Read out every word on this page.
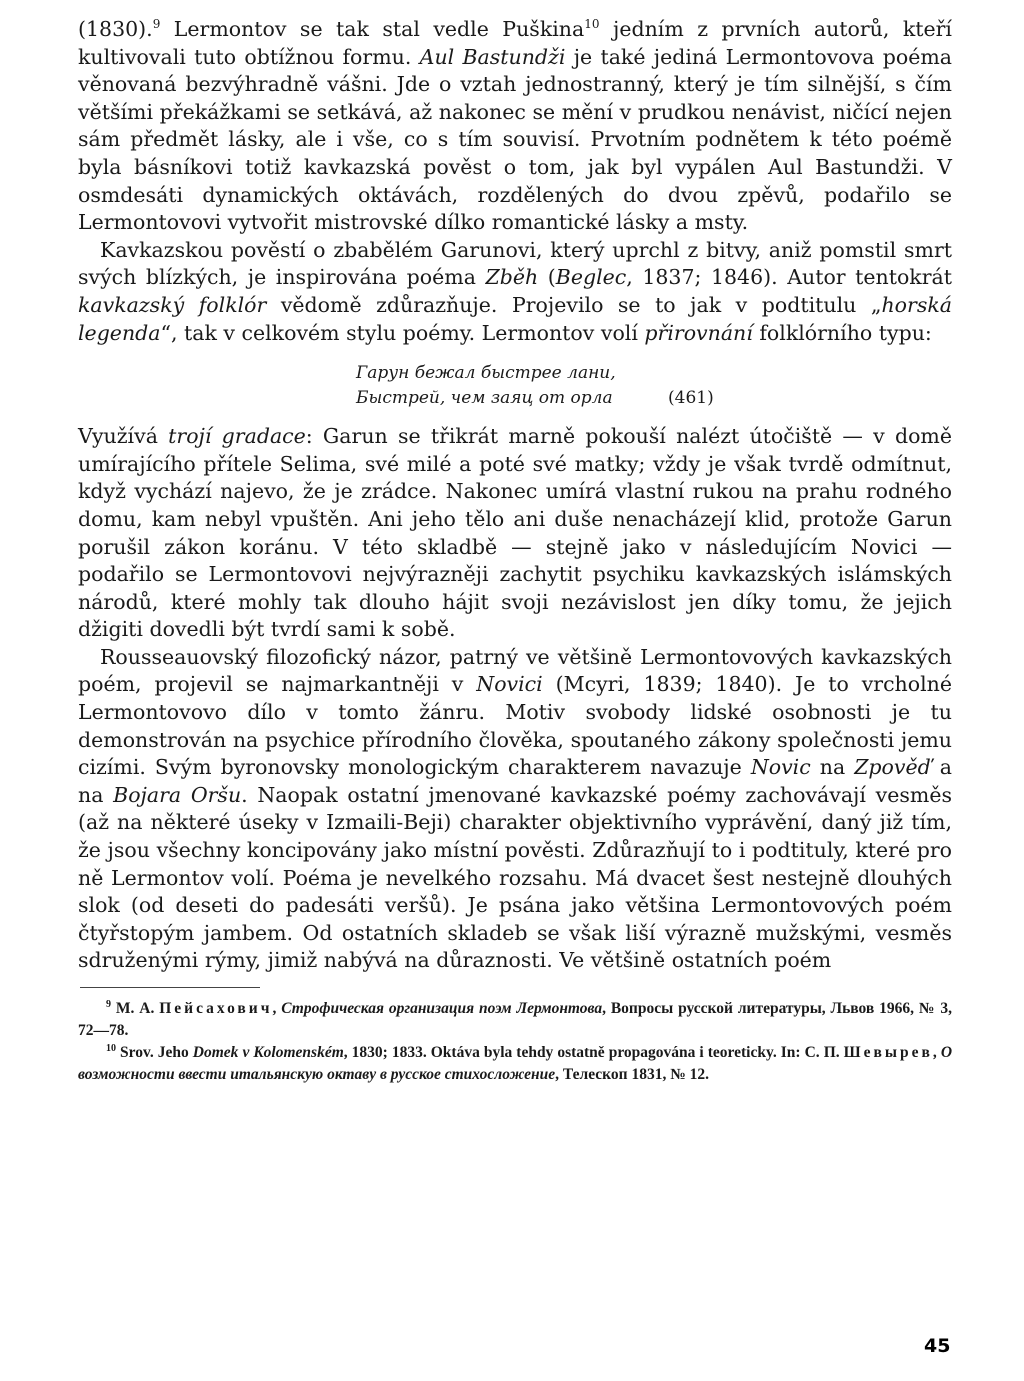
(1830).$^9$ Lermontov se tak stal vedle Puškina$^{10}$ jedním z prvních autorů, kteří kultivovali tuto obtížnou formu. Aul Bastundži je také jediná Lermontovova poéma věnovaná bezvýhradně vášni. Jde o vztah jednostranný, který je tím silnější, s čím většími překážkami se setkává, až nakonec se mění v prudkou nenávist, ničící nejen sám předmět lásky, ale i vše, co s tím souvisí. Prvotním podnětem k této poémě byla básníkovi totiž kavkazská pověst o tom, jak byl vypálen Aul Bastundži. V osmdesáti dynamických oktávách, rozdělených do dvou zpěvů, podařilo se Lermontovovi vytvořit mistrovské dílko romantické lásky a msty.

Kavkazskou pověstí o zbabělém Garunovi, který uprchl z bitvy, aniž pomstil smrt svých blízkých, je inspirována poéma Zběh (Beglec, 1837; 1846). Autor tentokrát kavkazský folklór vědomě zdůrazňuje. Projevilo se to jak v podtitulu „horská legenda“, tak v celkovém stylu poémy. Lermontov volí přirovnání folklórního typu:

Гарун бежал быстрее лани,
Быстрей, чем заяц от орла	(461)

Využívá trojí gradace: Garun se třikrát marně pokouší nalézt útočiště — v domě umírajícího přítele Selima, své milé a poté své matky; vždy je však tvrdě odmítnut, když vychází najevo, že je zrádce. Nakonec umírá vlastní rukou na prahu rodného domu, kam nebyl vpuštěn. Ani jeho tělo ani duše nenacházejí klid, protože Garun porušil zákon koránu. V této skladbě — stejně jako v následujícím Novici — podařilo se Lermontovovi nejvýrazněji zachytit psychiku kavkazských islámských národů, které mohly tak dlouho hájit svoji nezávislost jen díky tomu, že jejich džigiti dovedli být tvrdí sami k sobě.

Rousseauovský filozofický názor, patrný ve většině Lermontovových kavkazských poém, projevil se najmarkantněji v Novici (Mcyri, 1839; 1840). Je to vrcholné Lermontovovo dílo v tomto žánru. Motiv svobody lidské osobnosti je tu demonstrován na psychice přírodního člověka, spoutaného zákony společnosti jemu cizími. Svým byronovsky monologickým charakterem navazuje Novic na Zpověď a na Bojara Oršu. Naopak ostatní jmenované kavkazské poémy zachovávají vesměs (až na některé úseky v Izmaili-Beji) charakter objektivního vyprávění, daný již tím, že jsou všechny koncipovány jako místní pověsti. Zdůrazňují to i podtituly, které pro ně Lermontov volí. Poéma je nevelkého rozsahu. Má dvacet šest nestejně dlouhých slok (od deseti do padesáti veršů). Je psána jako většina Lermontovových poém čtyřstopým jambem. Od ostatních skladeb se však liší výrazně mužskými, vesměs sdruženými rýmy, jimiž nabývá na důraznosti. Ve většině ostatních poém

$^9$ М. А. Пейсахович, Строфическая организация поэм Лермонтова, Вопросы русской литературы, Львов 1966, № 3, 72—78.

$^{10}$ Srov. Jeho Domek v Kolomenském, 1830; 1833. Oktáva byla tehdy ostatně propagována i teoreticky. In: С. П. Шевырев, О возможности ввести итальянскую октаву в русское стихосложение, Телескоп 1831, № 12.

45
